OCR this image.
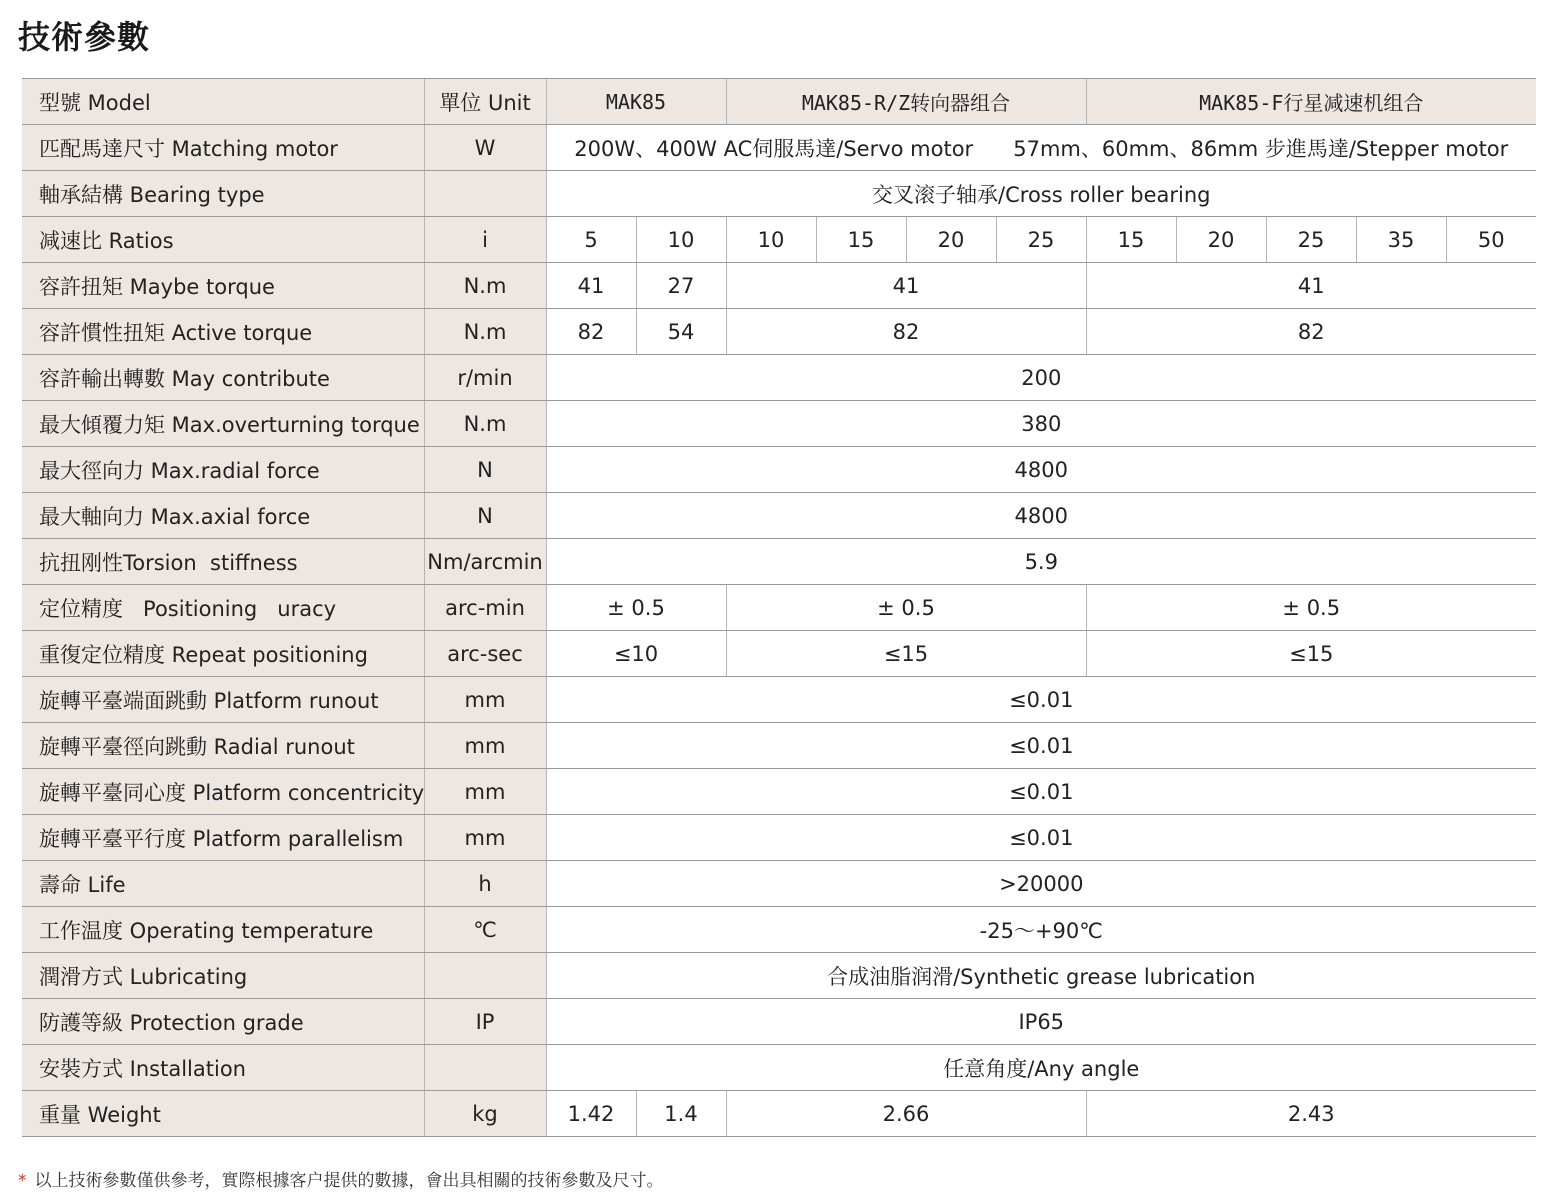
技術參數
型號 Model	單位 Unit	MAK85		MAK85-R/Z转向器组合				MAK85-F行星减速机组合				
匹配馬達尺寸 Matching motor	W	200W、400W AC伺服馬達/Servo motor      57mm、60mm、86mm 步進馬達/Stepper motor										
軸承結構 Bearing type		交叉滚子轴承/Cross roller bearing										
减速比 Ratios	i	5	10	10	15	20	25	15	20	25	35	50
容許扭矩 Maybe torque	N.m	41	27	41				41				
容許慣性扭矩 Active torque	N.m	82	54	82				82				
容許輸出轉數 May contribute	r/min	200										
最大傾覆力矩 Max.overturning torque	N.m	380										
最大徑向力 Max.radial force	N	4800										
最大軸向力 Max.axial force	N	4800										
抗扭刚性Torsion  stiffness	Nm/arcmin	5.9										
定位精度   Positioning   uracy	arc-min	± 0.5		± 0.5				± 0.5				
重復定位精度 Repeat positioning	arc-sec	≤10		≤15				≤15				
旋轉平臺端面跳動 Platform runout	mm	≤0.01										
旋轉平臺徑向跳動 Radial runout	mm	≤0.01										
旋轉平臺同心度 Platform concentricity	mm	≤0.01										
旋轉平臺平行度 Platform parallelism	mm	≤0.01										
壽命 Life	h	>20000										
工作温度 Operating temperature	℃	-25～+90℃										
潤滑方式 Lubricating		合成油脂润滑/Synthetic grease lubrication										
防護等級 Protection grade	IP	IP65										
安裝方式 Installation		任意角度/Any angle										
重量 Weight	kg	1.42	1.4	2.66				2.43				
* 以上技術參數僅供參考，實際根據客户提供的數據，會出具相關的技術參數及尺寸。
